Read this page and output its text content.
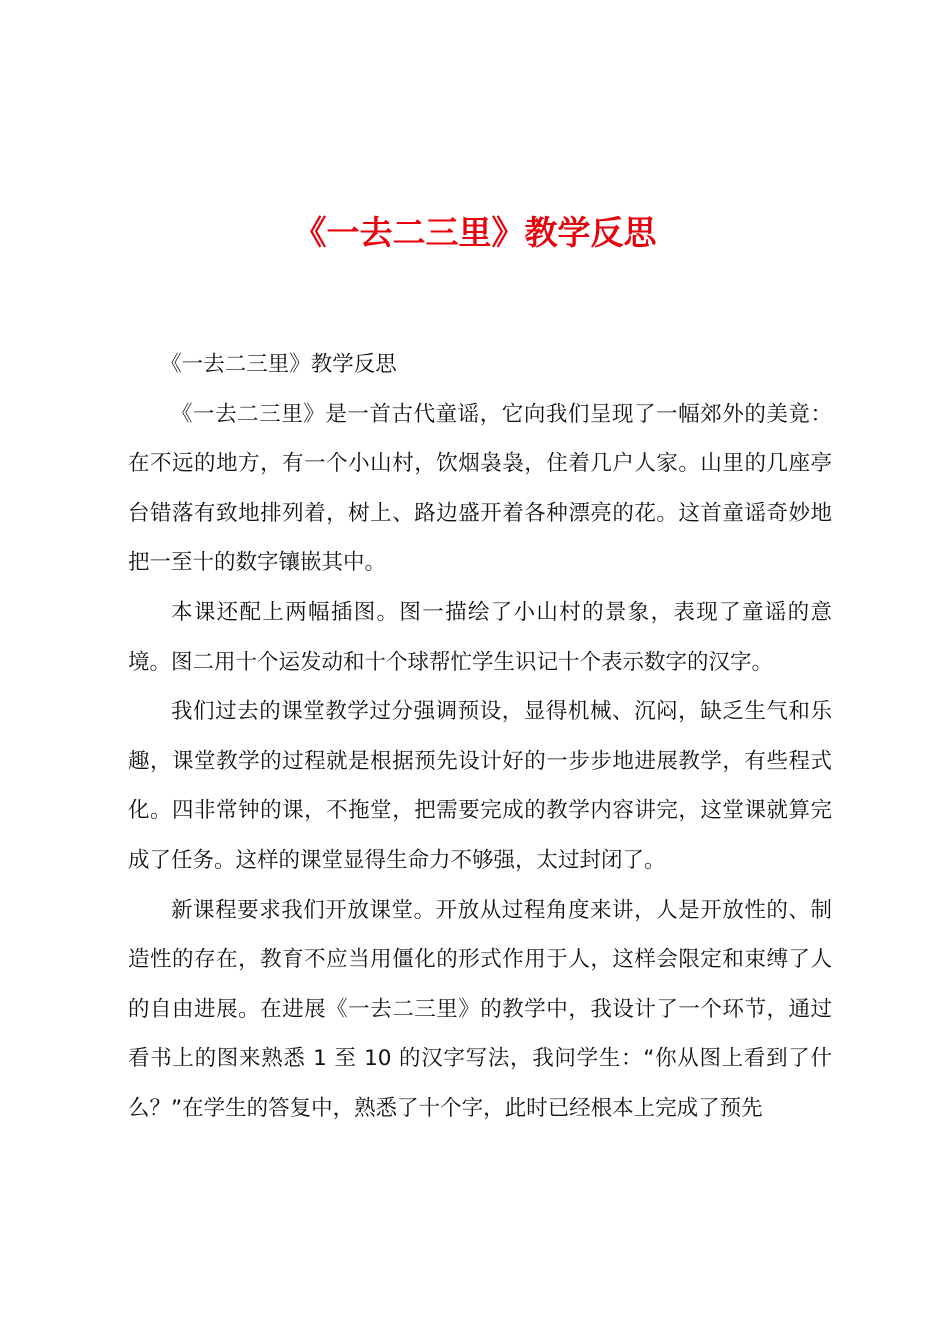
《一去二三里》教学反思

《一去二三里》教学反思

《一去二三里》是一首古代童谣，它向我们呈现了一幅郊外的美竟：在不远的地方，有一个小山村，饮烟袅袅，住着几户人家。山里的几座亭台错落有致地排列着，树上、路边盛开着各种漂亮的花。这首童谣奇妙地把一至十的数字镶嵌其中。

本课还配上两幅插图。图一描绘了小山村的景象，表现了童谣的意境。图二用十个运发动和十个球帮忙学生识记十个表示数字的汉字。

我们过去的课堂教学过分强调预设，显得机械、沉闷，缺乏生气和乐趣，课堂教学的过程就是根据预先设计好的一步步地进展教学，有些程式化。四非常钟的课，不拖堂，把需要完成的教学内容讲完，这堂课就算完成了任务。这样的课堂显得生命力不够强，太过封闭了。

新课程要求我们开放课堂。开放从过程角度来讲，人是开放性的、制造性的存在，教育不应当用僵化的形式作用于人，这样会限定和束缚了人的自由进展。在进展《一去二三里》的教学中，我设计了一个环节，通过看书上的图来熟悉 1 至 10 的汉字写法，我问学生：“你从图上看到了什么？”在学生的答复中，熟悉了十个字，此时已经根本上完成了预先
